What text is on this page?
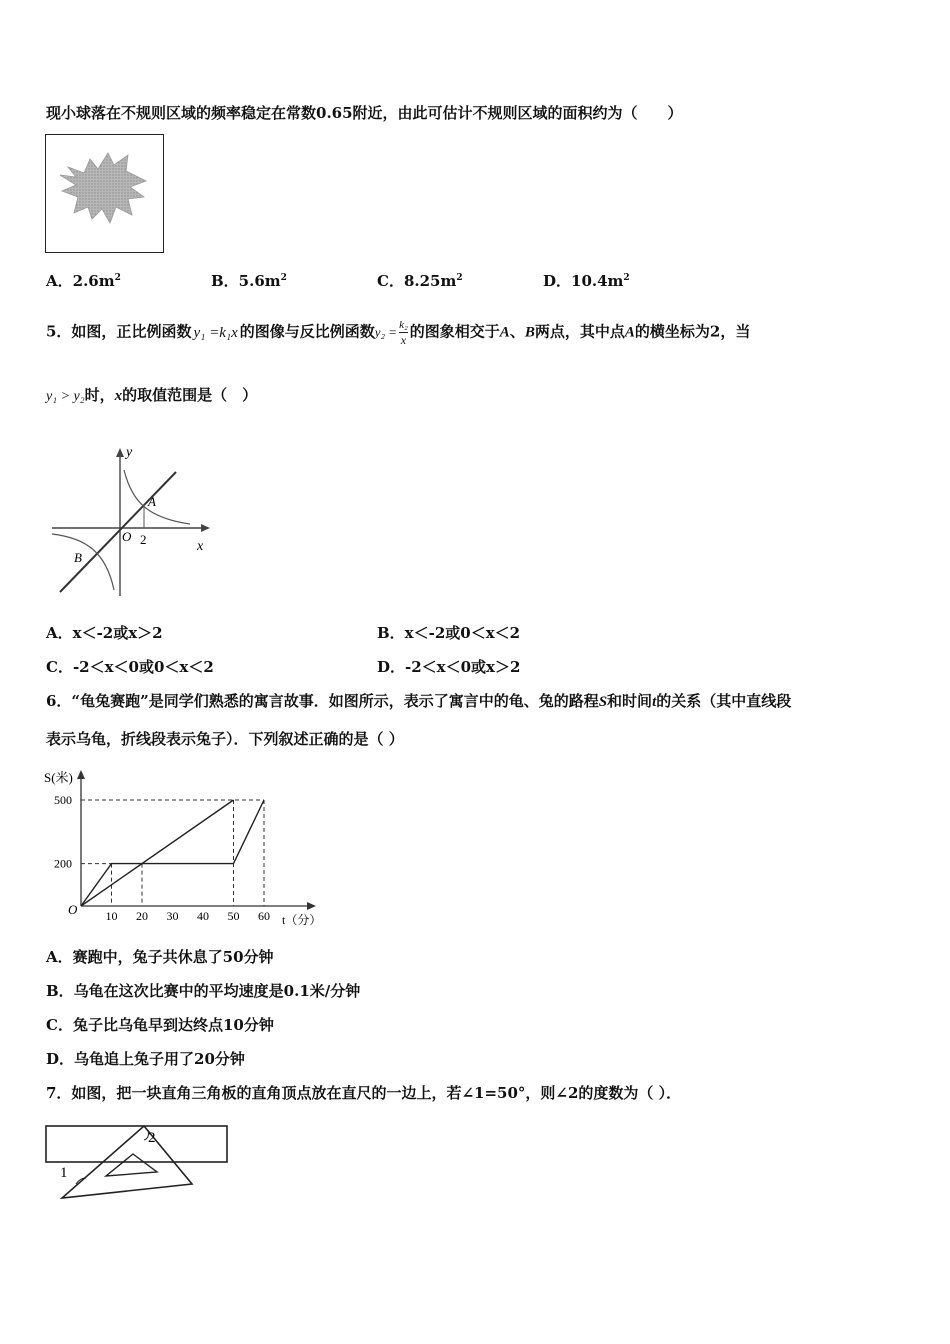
现小球落在不规则区域的频率稳定在常数0.65附近，由此可估计不规则区域的面积约为（　　）
A．$2.6m^2$	B．$5.6m^2$	C．$8.25m^2$	D．$10.4m^2$
5．如图，正比例函数 y₁ =k₁x 的图像与反比例函数$y_2 = \frac{\text{k₂}}{x}$ 的图象相交于A、B两点，其中点A的横坐标为2，当
y₁ > y₂时，x的取值范围是（　）
y
x
A
B
O 2
A．x＜-2或x＞2	B．x＜-2或0＜x＜2
C．-2＜x＜0或0＜x＜2	D．-2＜x＜0或x＞2
6．“龟兔赛跑”是同学们熟悉的寓言故事．如图所示，表示了寓言中的龟、兔的路程S和时间t的关系（其中直线段
表示乌龟，折线段表示兔子）．下列叙述正确的是（ ）
S(米)
t（分）
O 10 20 30 40 50 60
500
200
A．赛跑中，兔子共休息了50分钟
B．乌龟在这次比赛中的平均速度是0.1米/分钟
C．兔子比乌龟早到达终点10分钟
D．乌龟追上兔子用了20分钟
7．如图，把一块直角三角板的直角顶点放在直尺的一边上，若∠1=50°，则∠2的度数为（ ）．
1
2
